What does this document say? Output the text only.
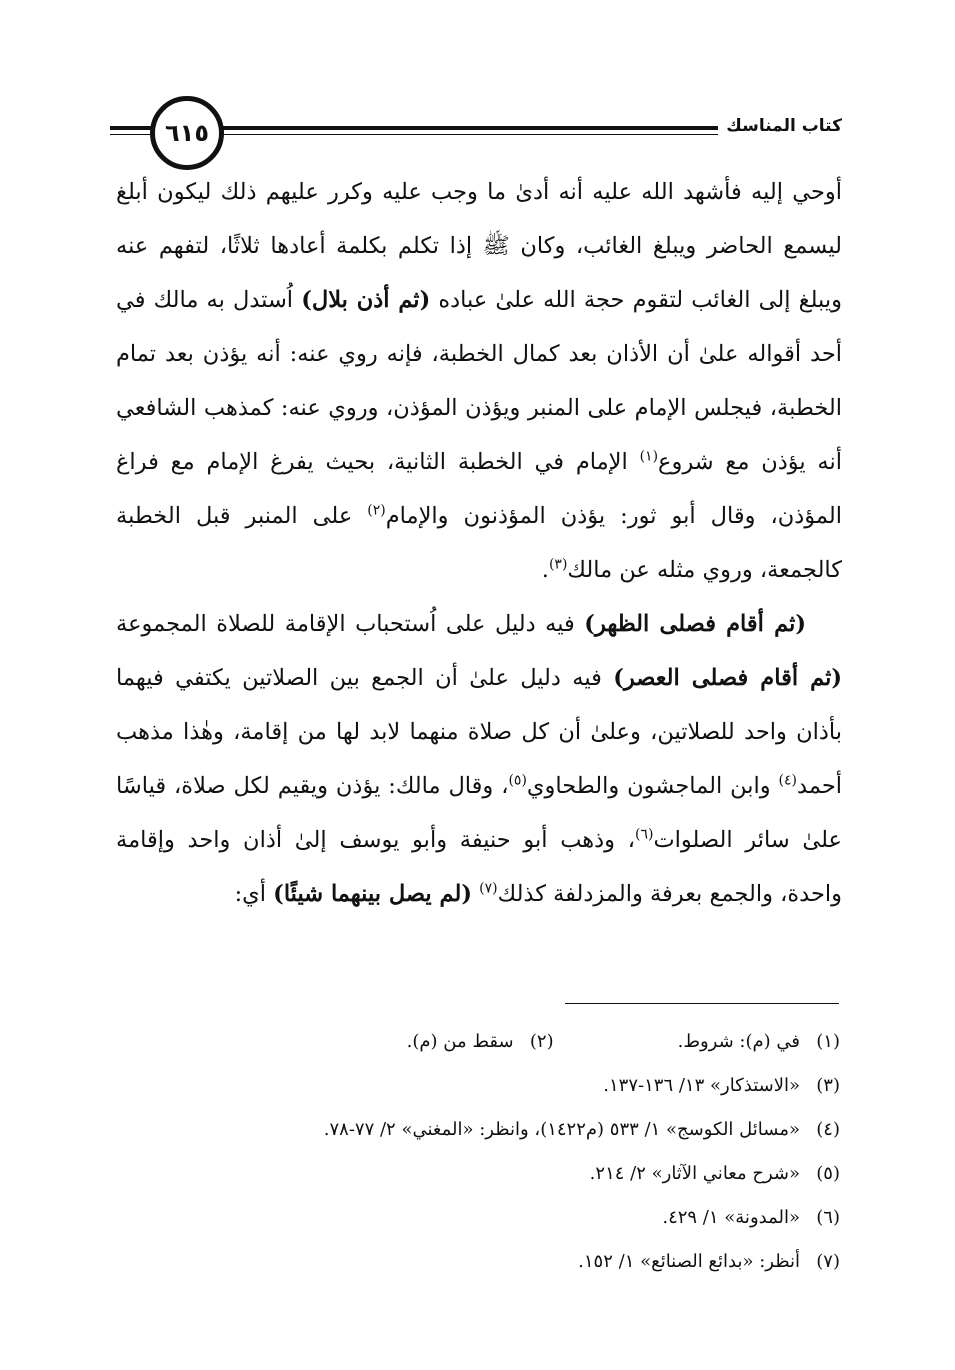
٦١٥	كتاب المناسك

أوحي إليه فأشهد الله عليه أنه أدىٰ ما وجب عليه وكرر عليهم ذلك ليكون أبلغ ليسمع الحاضر ويبلغ الغائب، وكان ﷺ إذا تكلم بكلمة أعادها ثلاثًا، لتفهم عنه ويبلغ إلى الغائب لتقوم حجة الله علىٰ عباده (ثم أذن بلال) اُستدل به مالك في أحد أقواله علىٰ أن الأذان بعد كمال الخطبة، فإنه روي عنه: أنه يؤذن بعد تمام الخطبة، فيجلس الإمام على المنبر ويؤذن المؤذن، وروي عنه: كمذهب الشافعي أنه يؤذن مع شروع$^{(١)}$ الإمام في الخطبة الثانية، بحيث يفرغ الإمام مع فراغ المؤذن، وقال أبو ثور: يؤذن المؤذنون والإمام$^{(٢)}$ على المنبر قبل الخطبة كالجمعة، وروي مثله عن مالك$^{(٣)}$.

(ثم أقام فصلى الظهر) فيه دليل على اُستحباب الإقامة للصلاة المجموعة (ثم أقام فصلى العصر) فيه دليل علىٰ أن الجمع بين الصلاتين يكتفي فيهما بأذان واحد للصلاتين، وعلىٰ أن كل صلاة منهما لابد لها من إقامة، وهٰذا مذهب أحمد$^{(٤)}$ وابن الماجشون والطحاوي$^{(٥)}$، وقال مالك: يؤذن ويقيم لكل صلاة، قياسًا علىٰ سائر الصلوات$^{(٦)}$، وذهب أبو حنيفة وأبو يوسف إلىٰ أذان واحد وإقامة واحدة، والجمع بعرفة والمزدلفة كذلك$^{(٧)}$ (لم يصل بينهما شيئًا) أي:

(١)في (م): شروط.
(٢)سقط من (م).
(٣)«الاستذكار» ١٣/ ١٣٦-١٣٧.
(٤)«مسائل الكوسج» ١/ ٥٣٣ (م١٤٢٢)، وانظر: «المغني» ٢/ ٧٧-٧٨.
(٥)«شرح معاني الآثار» ٢/ ٢١٤.
(٦)«المدونة» ١/ ٤٢٩.
(٧)أنظر: «بدائع الصنائع» ١/ ١٥٢.
